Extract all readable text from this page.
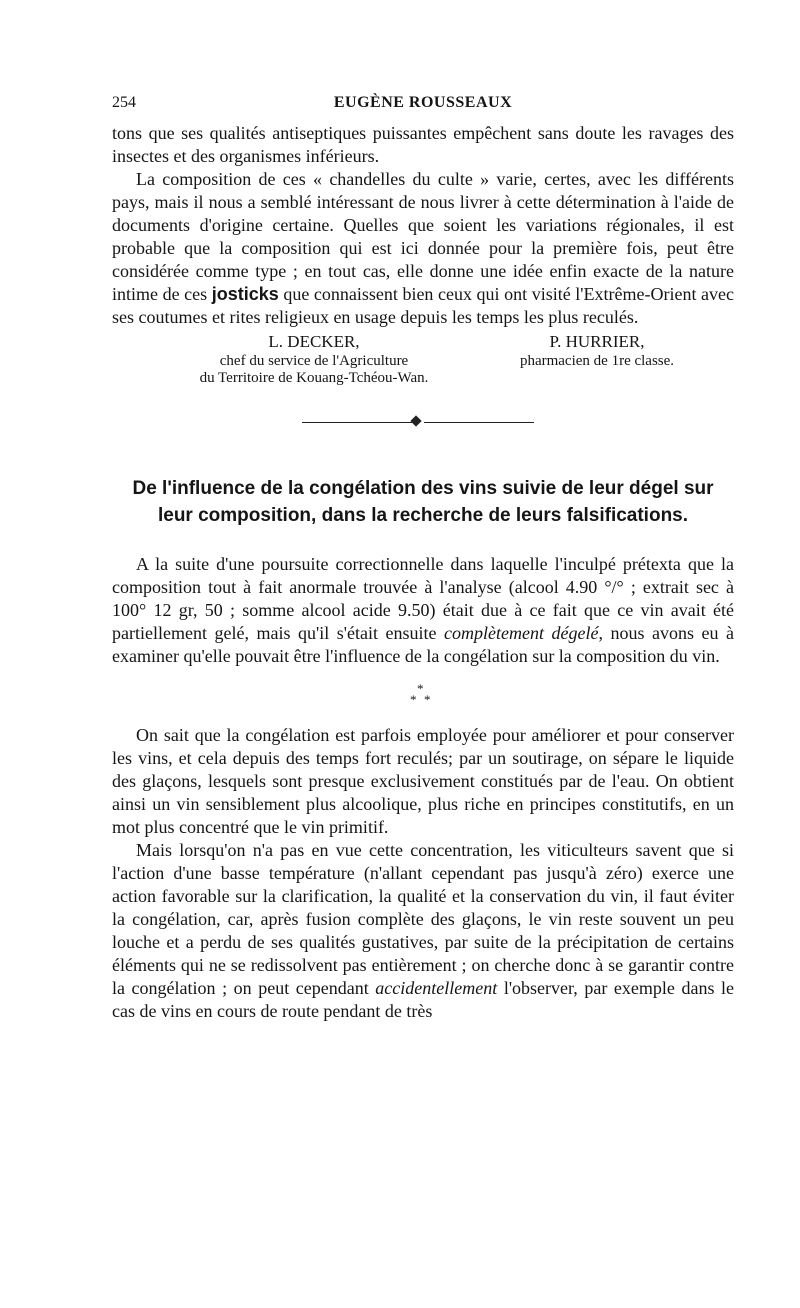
254	EUGÈNE ROUSSEAUX

tons que ses qualités antiseptiques puissantes empêchent sans doute les ravages des insectes et des organismes inférieurs.

La composition de ces « chandelles du culte » varie, certes, avec les différents pays, mais il nous a semblé intéressant de nous livrer à cette détermination à l'aide de documents d'origine certaine. Quelles que soient les variations régionales, il est probable que la composition qui est ici donnée pour la première fois, peut être considérée comme type ; en tout cas, elle donne une idée enfin exacte de la nature intime de ces josticks que connaissent bien ceux qui ont visité l'Extrême-Orient avec ses coutumes et rites religieux en usage depuis les temps les plus reculés.

L. DECKER,
chef du service de l'Agriculture
du Territoire de Kouang-Tchéou-Wan.
P. HURRIER,
pharmacien de 1re classe.
De l'influence de la congélation des vins suivie de leur dégel sur
leur composition, dans la recherche de leurs falsifications.

A la suite d'une poursuite correctionnelle dans laquelle l'inculpé prétexta que la composition tout à fait anormale trouvée à l'analyse (alcool 4.90 °/° ; extrait sec à 100° 12 gr, 50 ; somme alcool acide 9.50) était due à ce fait que ce vin avait été partiellement gelé, mais qu'il s'était ensuite complètement dégelé, nous avons eu à examiner qu'elle pouvait être l'influence de la congélation sur la composition du vin.

*
* *

On sait que la congélation est parfois employée pour améliorer et pour conserver les vins, et cela depuis des temps fort reculés; par un soutirage, on sépare le liquide des glaçons, lesquels sont presque exclusivement constitués par de l'eau. On obtient ainsi un vin sensiblement plus alcoolique, plus riche en principes constitutifs, en un mot plus concentré que le vin primitif.

Mais lorsqu'on n'a pas en vue cette concentration, les viticulteurs savent que si l'action d'une basse température (n'allant cependant pas jusqu'à zéro) exerce une action favorable sur la clarification, la qualité et la conservation du vin, il faut éviter la congélation, car, après fusion complète des glaçons, le vin reste souvent un peu louche et a perdu de ses qualités gustatives, par suite de la précipitation de certains éléments qui ne se redissolvent pas entièrement ; on cherche donc à se garantir contre la congélation ; on peut cependant accidentellement l'observer, par exemple dans le cas de vins en cours de route pendant de très
